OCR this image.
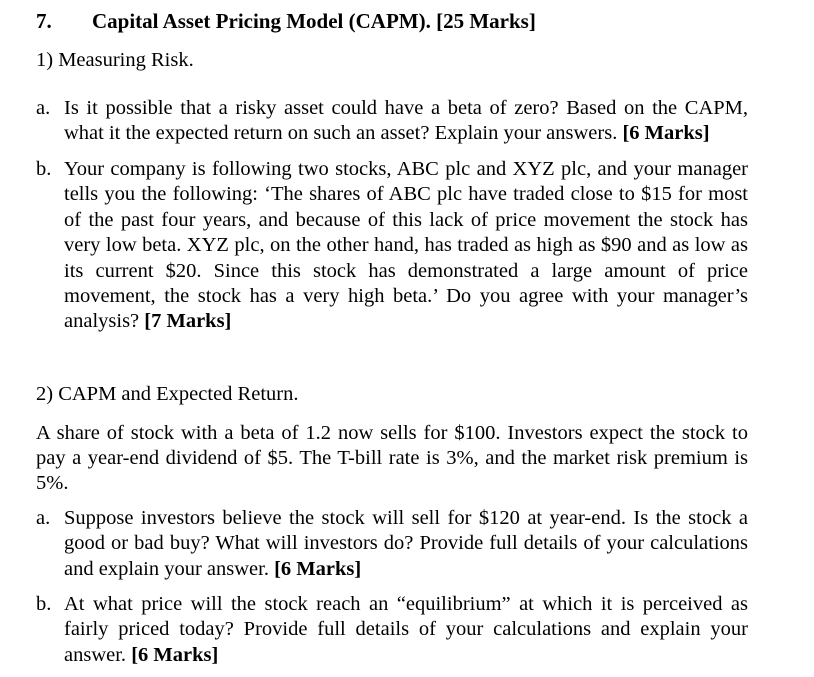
7. Capital Asset Pricing Model (CAPM). [25 Marks]
1) Measuring Risk.
a. Is it possible that a risky asset could have a beta of zero? Based on the CAPM, what it the expected return on such an asset? Explain your answers. [6 Marks]
b. Your company is following two stocks, ABC plc and XYZ plc, and your manager tells you the following: ‘The shares of ABC plc have traded close to $15 for most of the past four years, and because of this lack of price movement the stock has very low beta. XYZ plc, on the other hand, has traded as high as $90 and as low as its current $20. Since this stock has demonstrated a large amount of price movement, the stock has a very high beta.’ Do you agree with your manager’s analysis? [7 Marks]
2) CAPM and Expected Return.
A share of stock with a beta of 1.2 now sells for $100. Investors expect the stock to pay a year-end dividend of $5. The T-bill rate is 3%, and the market risk premium is 5%.
a. Suppose investors believe the stock will sell for $120 at year-end. Is the stock a good or bad buy? What will investors do? Provide full details of your calculations and explain your answer. [6 Marks]
b. At what price will the stock reach an “equilibrium” at which it is perceived as fairly priced today? Provide full details of your calculations and explain your answer. [6 Marks]
